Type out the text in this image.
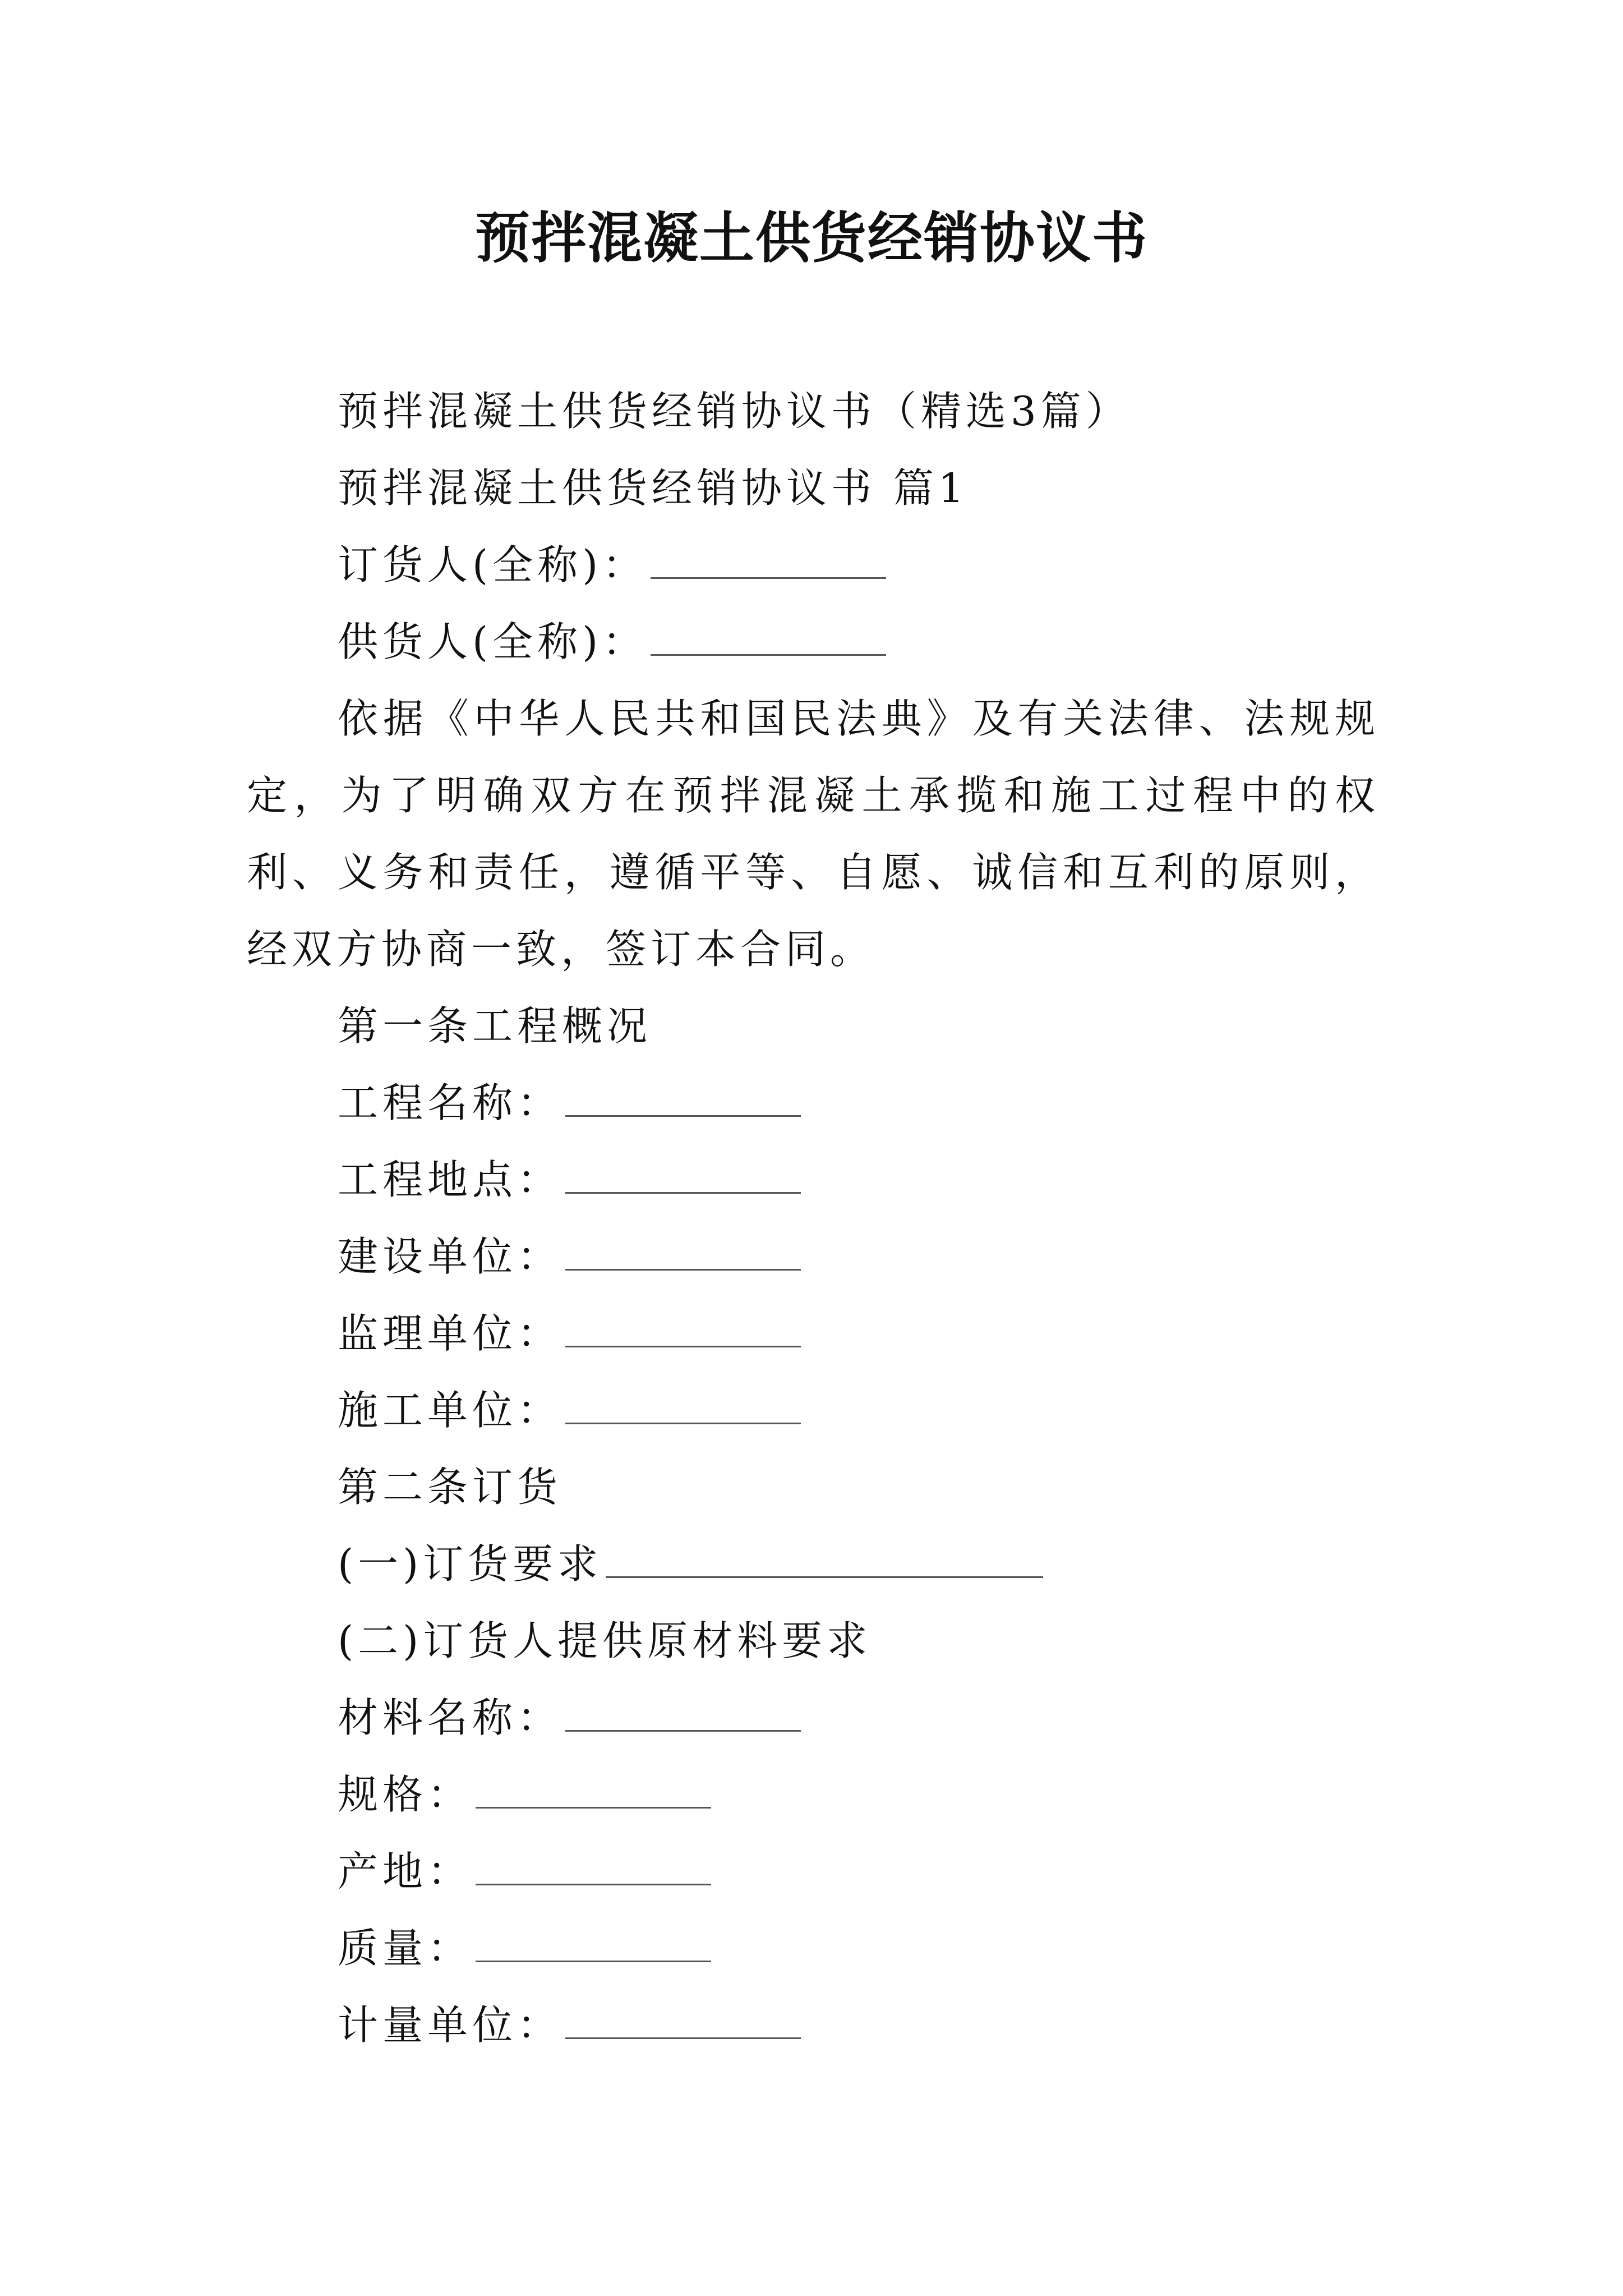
预拌混凝土供货经销协议书
预拌混凝土供货经销协议书（精选3篇）
预拌混凝土供货经销协议书 篇1
订货人(全称)：
供货人(全称)：
依据《中华人民共和国民法典》及有关法律、法规规定，为了明确双方在预拌混凝土承揽和施工过程中的权利、义务和责任，遵循平等、自愿、诚信和互利的原则，经双方协商一致，签订本合同。
第一条工程概况
工程名称：
工程地点：
建设单位：
监理单位：
施工单位：
第二条订货
(一)订货要求
(二)订货人提供原材料要求
材料名称：
规格：
产地：
质量：
计量单位：
